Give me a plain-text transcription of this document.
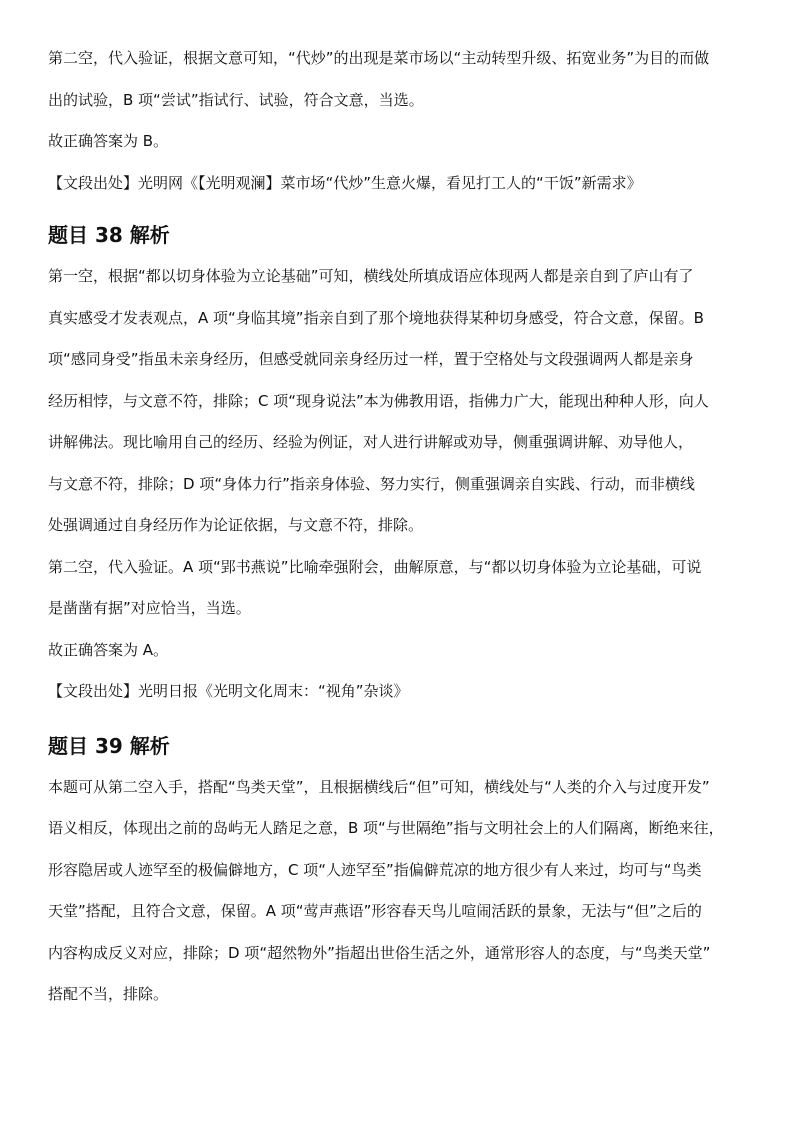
第二空，代入验证，根据文意可知，“代炒”的出现是菜市场以“主动转型升级、拓宽业务”为目的而做
出的试验，B 项“尝试”指试行、试验，符合文意，当选。

故正确答案为 B。

【文段出处】光明网《【光明观澜】菜市场“代炒”生意火爆，看见打工人的“干饭”新需求》

题目 38 解析

第一空，根据“都以切身体验为立论基础”可知，横线处所填成语应体现两人都是亲自到了庐山有了
真实感受才发表观点，A 项“身临其境”指亲自到了那个境地获得某种切身感受，符合文意，保留。B
项“感同身受”指虽未亲身经历，但感受就同亲身经历过一样，置于空格处与文段强调两人都是亲身
经历相悖，与文意不符，排除；C 项“现身说法”本为佛教用语，指佛力广大，能现出种种人形，向人
讲解佛法。现比喻用自己的经历、经验为例证，对人进行讲解或劝导，侧重强调讲解、劝导他人，
与文意不符，排除；D 项“身体力行”指亲身体验、努力实行，侧重强调亲自实践、行动，而非横线
处强调通过自身经历作为论证依据，与文意不符，排除。

第二空，代入验证。A 项“郢书燕说”比喻牵强附会，曲解原意，与“都以切身体验为立论基础，可说
是凿凿有据”对应恰当，当选。

故正确答案为 A。

【文段出处】光明日报《光明文化周末：“视角”杂谈》

题目 39 解析

本题可从第二空入手，搭配“鸟类天堂”，且根据横线后“但”可知，横线处与“人类的介入与过度开发”
语义相反，体现出之前的岛屿无人踏足之意，B 项“与世隔绝”指与文明社会上的人们隔离，断绝来往，
形容隐居或人迹罕至的极偏僻地方，C 项“人迹罕至”指偏僻荒凉的地方很少有人来过，均可与“鸟类
天堂”搭配，且符合文意，保留。A 项“莺声燕语”形容春天鸟儿喧闹活跃的景象，无法与“但”之后的
内容构成反义对应，排除；D 项“超然物外”指超出世俗生活之外，通常形容人的态度，与“鸟类天堂”
搭配不当，排除。
